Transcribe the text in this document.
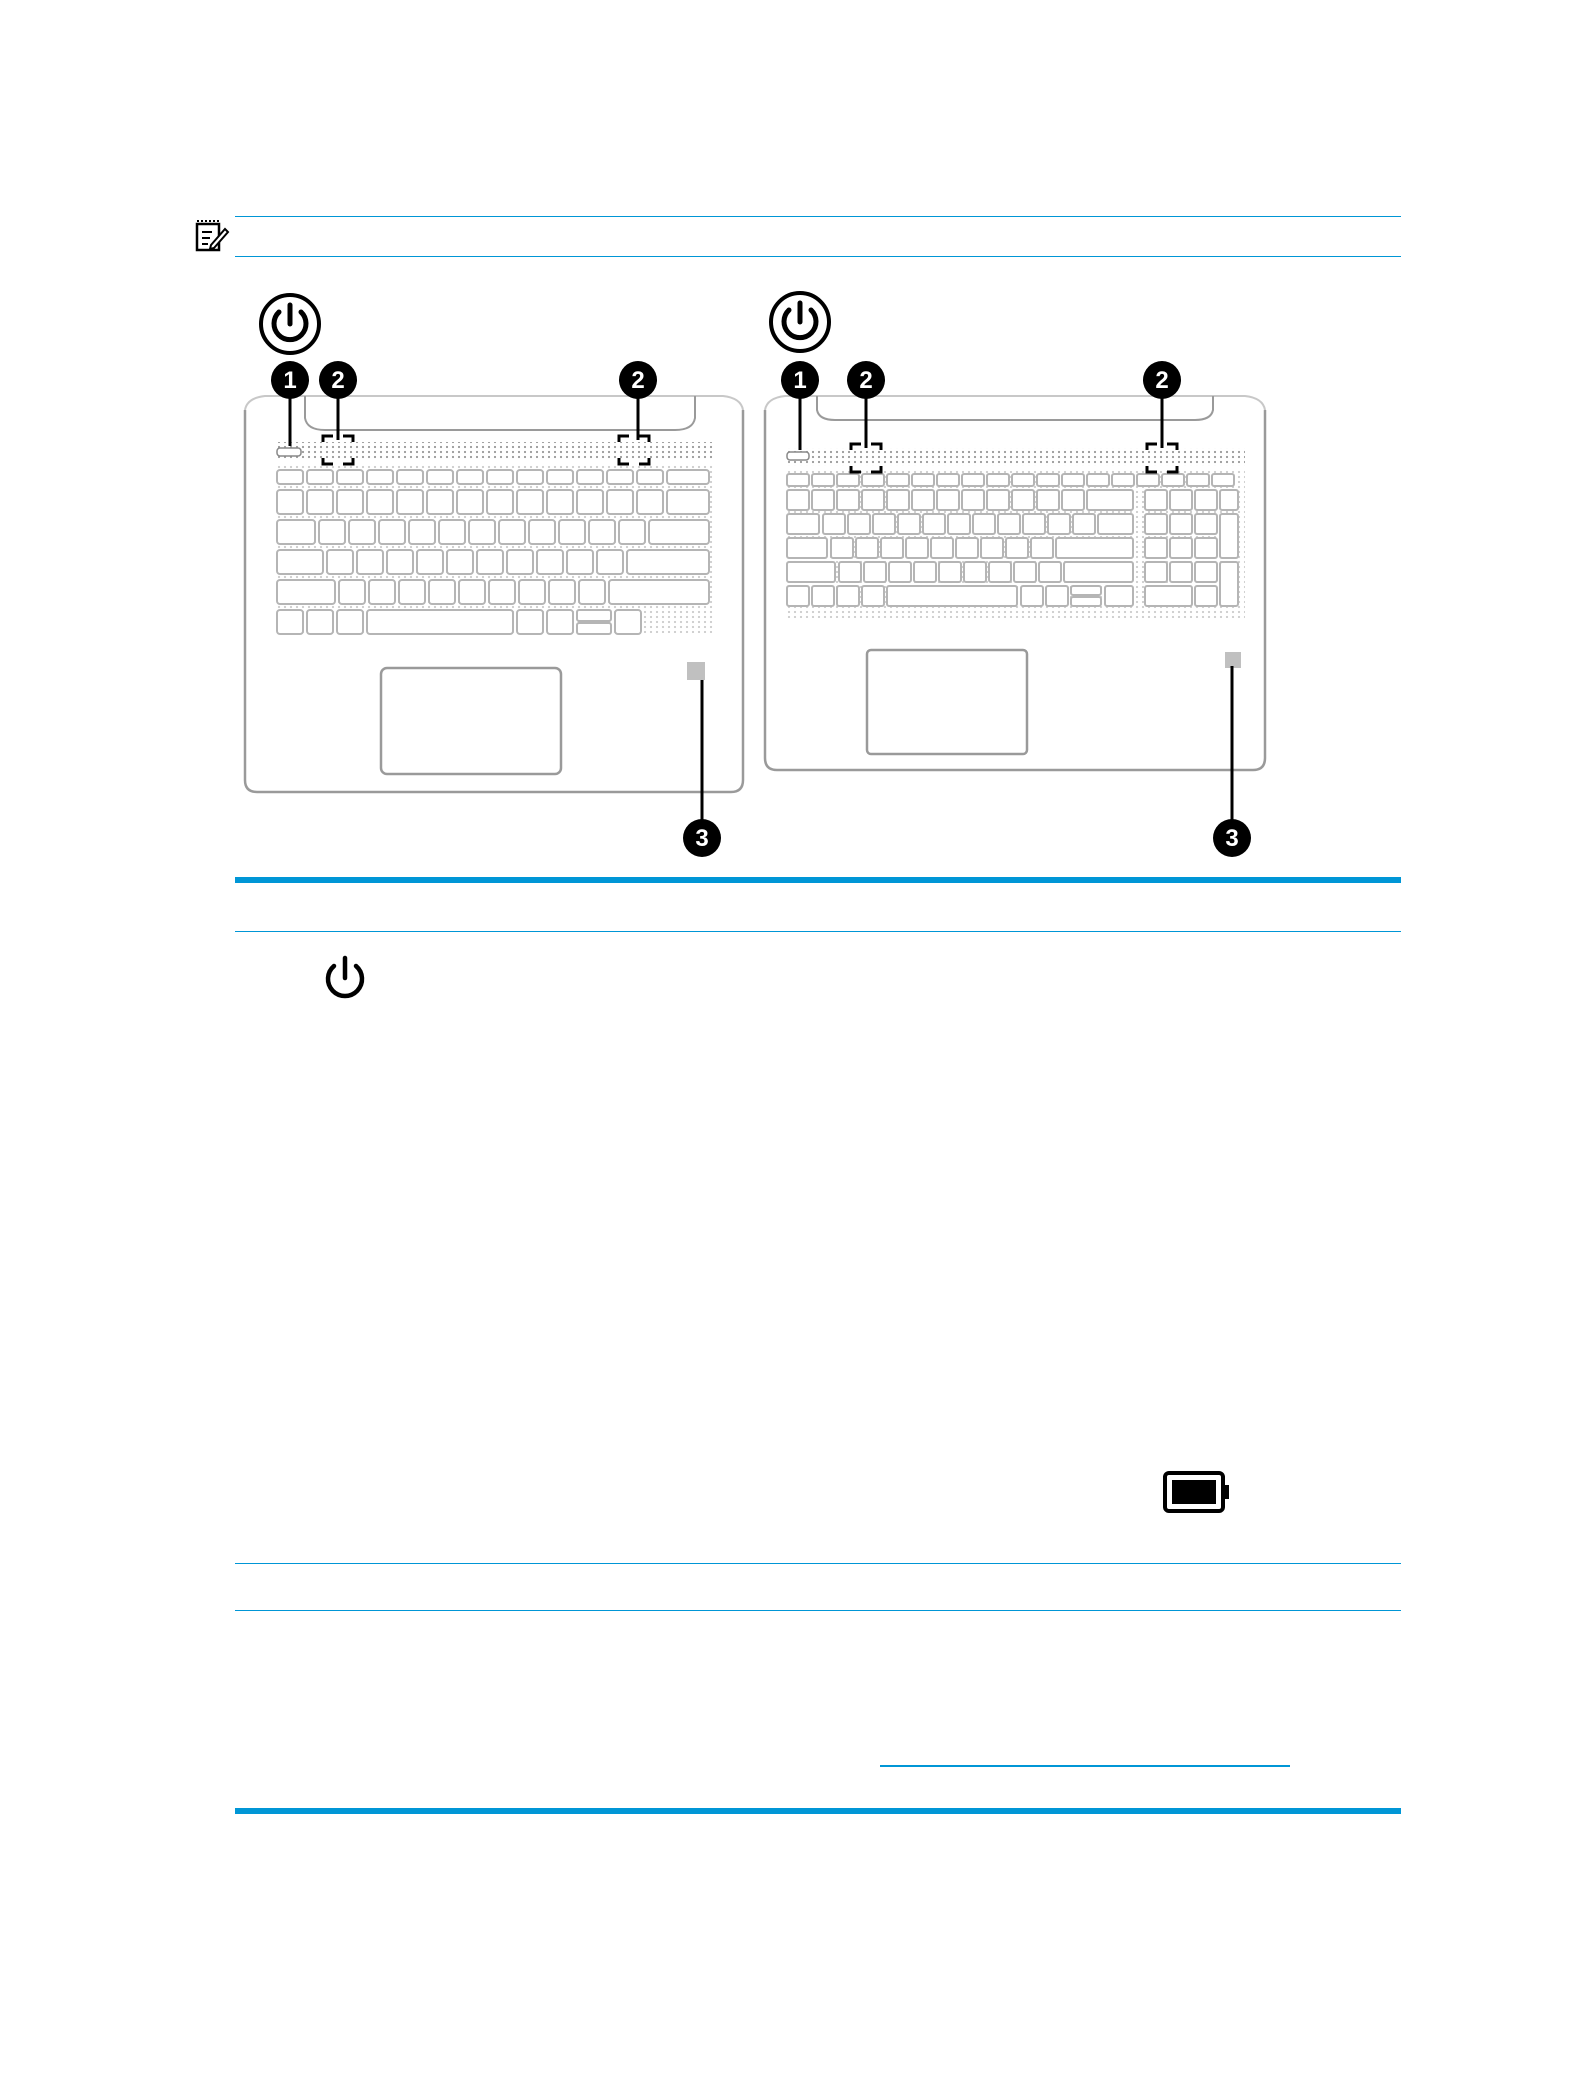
1 2	2	1 2	2
3	3
